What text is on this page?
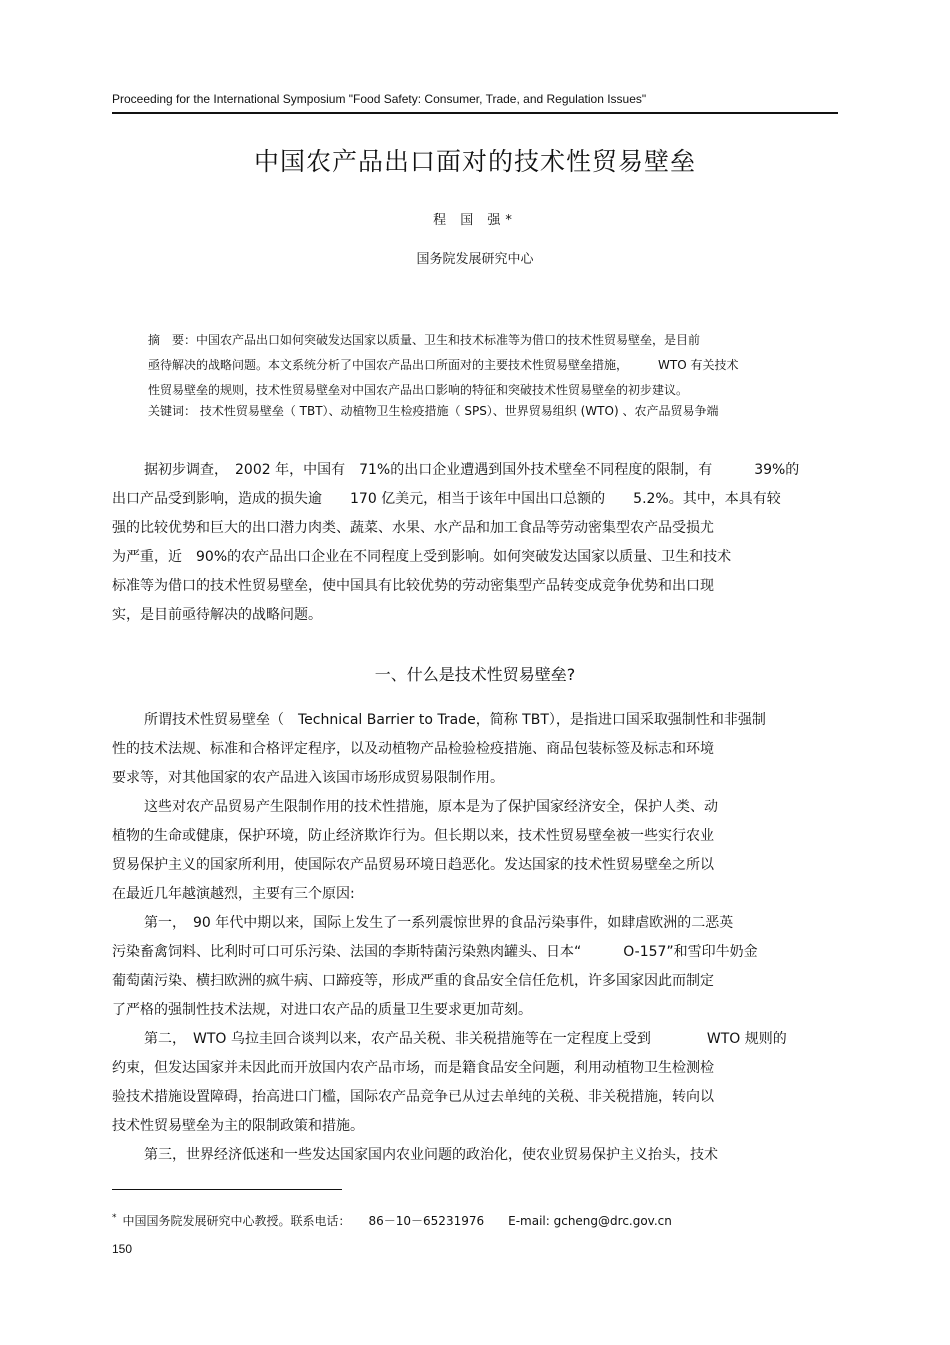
Proceeding for the International Symposium "Food Safety: Consumer, Trade, and Regulation Issues"
中国农产品出口面对的技术性贸易壁垒
程 国 强*
国务院发展研究中心

摘　要：中国农产品出口如何突破发达国家以质量、卫生和技术标准等为借口的技术性贸易壁垒，是目前

亟待解决的战略问题。本文系统分析了中国农产品出口所面对的主要技术性贸易壁垒措施，　　　WTO 有关技术

性贸易壁垒的规则，技术性贸易壁垒对中国农产品出口影响的特征和突破技术性贸易壁垒的初步建议。

关键词： 技术性贸易壁垒（ TBT）、动植物卫生检疫措施（ SPS）、世界贸易组织 (WTO) 、农产品贸易争端

据初步调查，　2002 年，中国有　71%的出口企业遭遇到国外技术壁垒不同程度的限制，有　　　39%的

出口产品受到影响，造成的损失逾　　170 亿美元，相当于该年中国出口总额的　　5.2%。其中，本具有较

强的比较优势和巨大的出口潜力肉类、蔬菜、水果、水产品和加工食品等劳动密集型农产品受损尤

为严重，近　90%的农产品出口企业在不同程度上受到影响。如何突破发达国家以质量、卫生和技术

标准等为借口的技术性贸易壁垒，使中国具有比较优势的劳动密集型产品转变成竞争优势和出口现

实，是目前亟待解决的战略问题。

一、什么是技术性贸易壁垒?

所谓技术性贸易壁垒（　Technical Barrier to Trade，简称 TBT），是指进口国采取强制性和非强制

性的技术法规、标准和合格评定程序，以及动植物产品检验检疫措施、商品包装标签及标志和环境

要求等，对其他国家的农产品进入该国市场形成贸易限制作用。

这些对农产品贸易产生限制作用的技术性措施，原本是为了保护国家经济安全，保护人类、动

植物的生命或健康，保护环境，防止经济欺诈行为。但长期以来，技术性贸易壁垒被一些实行农业

贸易保护主义的国家所利用，使国际农产品贸易环境日趋恶化。发达国家的技术性贸易壁垒之所以

在最近几年越演越烈，主要有三个原因:

第一，　90 年代中期以来，国际上发生了一系列震惊世界的食品污染事件，如肆虐欧洲的二恶英

污染畜禽饲料、比利时可口可乐污染、法国的李斯特菌污染熟肉罐头、日本“　　　O-157”和雪印牛奶金

葡萄菌污染、横扫欧洲的疯牛病、口蹄疫等，形成严重的食品安全信任危机，许多国家因此而制定

了严格的强制性技术法规，对进口农产品的质量卫生要求更加苛刻。

第二，　WTO 乌拉圭回合谈判以来，农产品关税、非关税措施等在一定程度上受到　　　　WTO 规则的

约束，但发达国家并未因此而开放国内农产品市场，而是籍食品安全问题，利用动植物卫生检测检

验技术措施设置障碍，抬高进口门槛，国际农产品竞争已从过去单纯的关税、非关税措施，转向以

技术性贸易壁垒为主的限制政策和措施。

第三，世界经济低迷和一些发达国家国内农业问题的政治化，使农业贸易保护主义抬头，技术

* 中国国务院发展研究中心教授。联系电话：　　86－10－65231976　　E-mail: gcheng@drc.gov.cn
150
